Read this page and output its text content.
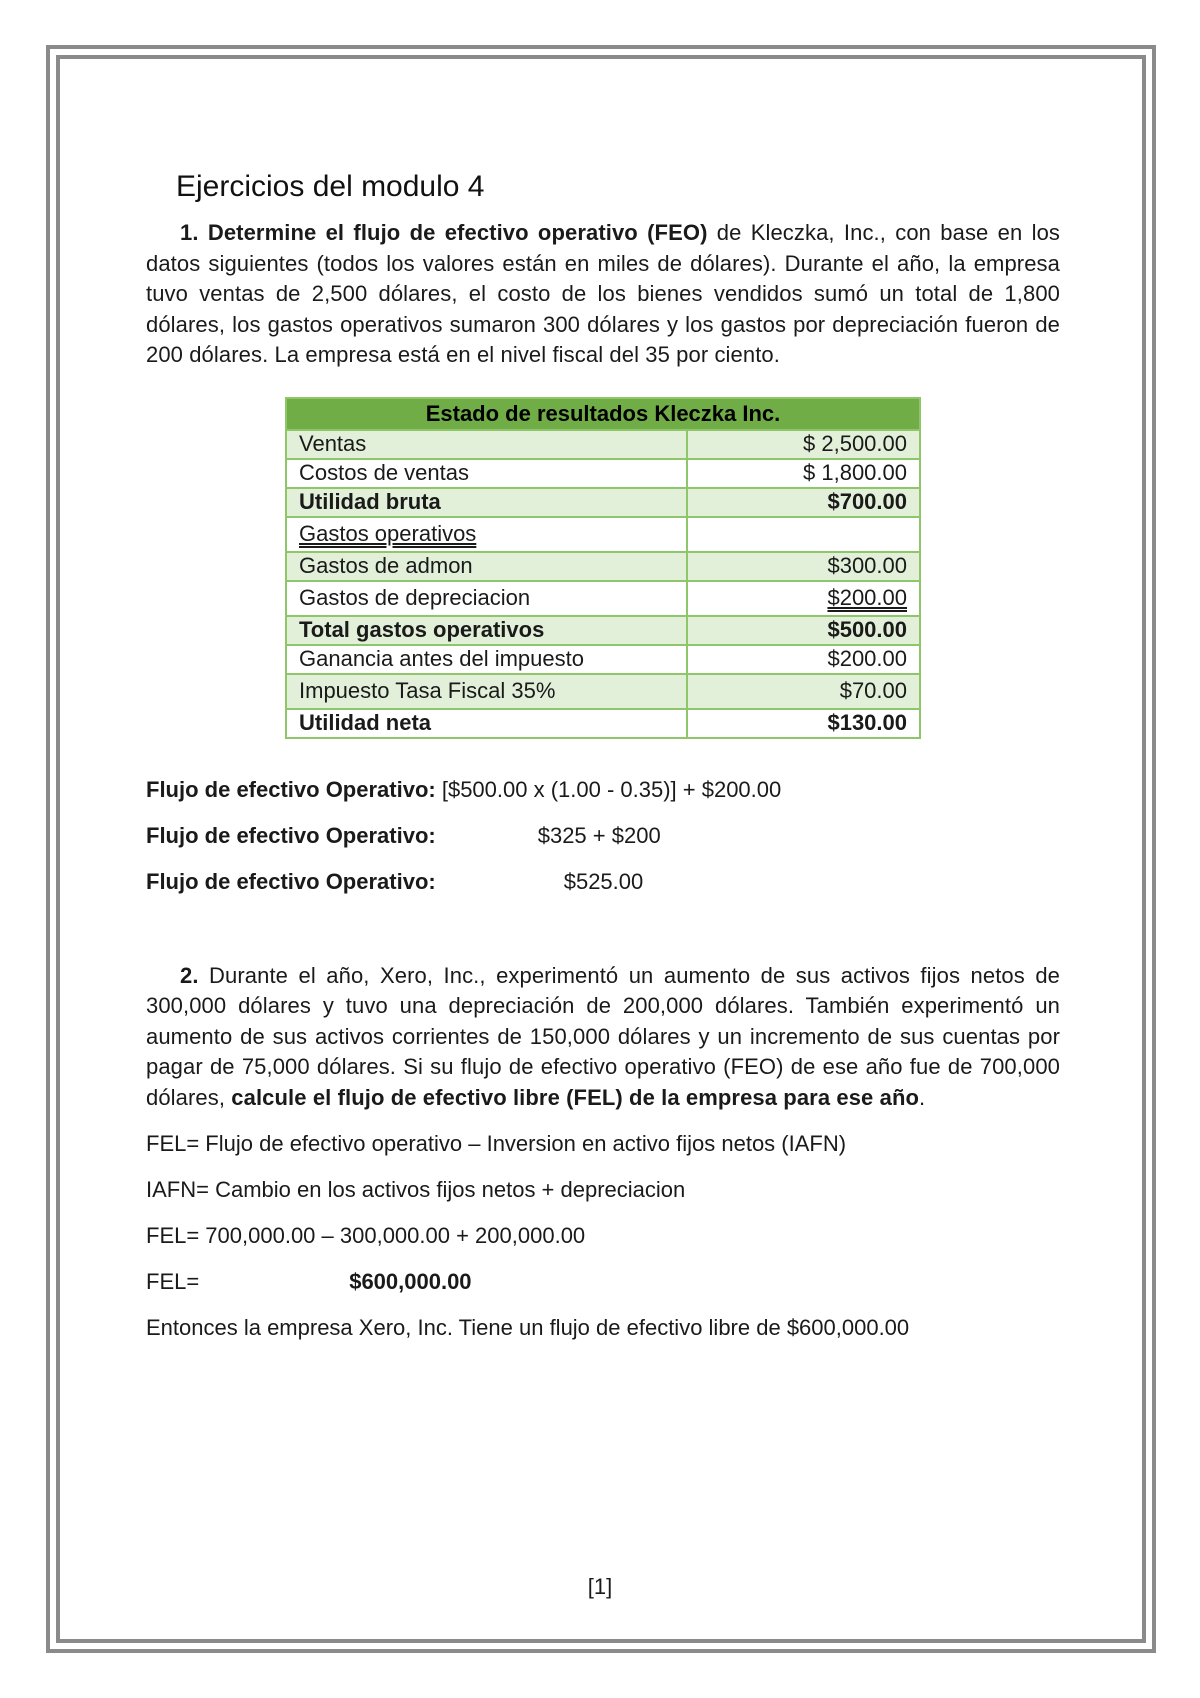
Ejercicios del modulo 4

1. Determine el flujo de efectivo operativo (FEO) de Kleczka, Inc., con base en los datos siguientes (todos los valores están en miles de dólares). Durante el año, la empresa tuvo ventas de 2,500 dólares, el costo de los bienes vendidos sumó un total de 1,800 dólares, los gastos operativos sumaron 300 dólares y los gastos por depreciación fueron de 200 dólares. La empresa está en el nivel fiscal del 35 por ciento.

Estado de resultados Kleczka Inc.	
Ventas	$ 2,500.00
Costos de ventas	$ 1,800.00
Utilidad bruta	$700.00
Gastos operativos	
Gastos de admon	$300.00
Gastos de depreciacion	$200.00
Total gastos operativos	$500.00
Ganancia antes del impuesto	$200.00
Impuesto Tasa Fiscal 35%	$70.00
Utilidad neta	$130.00

Flujo de efectivo Operativo: [$500.00 x (1.00 - 0.35)] + $200.00

Flujo de efectivo Operativo:	$325 + $200

Flujo de efectivo Operativo:	$525.00

2. Durante el año, Xero, Inc., experimentó un aumento de sus activos fijos netos de 300,000 dólares y tuvo una depreciación de 200,000 dólares. También experimentó un aumento de sus activos corrientes de 150,000 dólares y un incremento de sus cuentas por pagar de 75,000 dólares. Si su flujo de efectivo operativo (FEO) de ese año fue de 700,000 dólares, calcule el flujo de efectivo libre (FEL) de la empresa para ese año.

FEL= Flujo de efectivo operativo – Inversion en activo fijos netos (IAFN)

IAFN= Cambio en los activos fijos netos + depreciacion

FEL= 700,000.00 – 300,000.00 + 200,000.00

FEL=	$600,000.00

Entonces la empresa Xero, Inc. Tiene un flujo de efectivo libre de $600,000.00

[1]
